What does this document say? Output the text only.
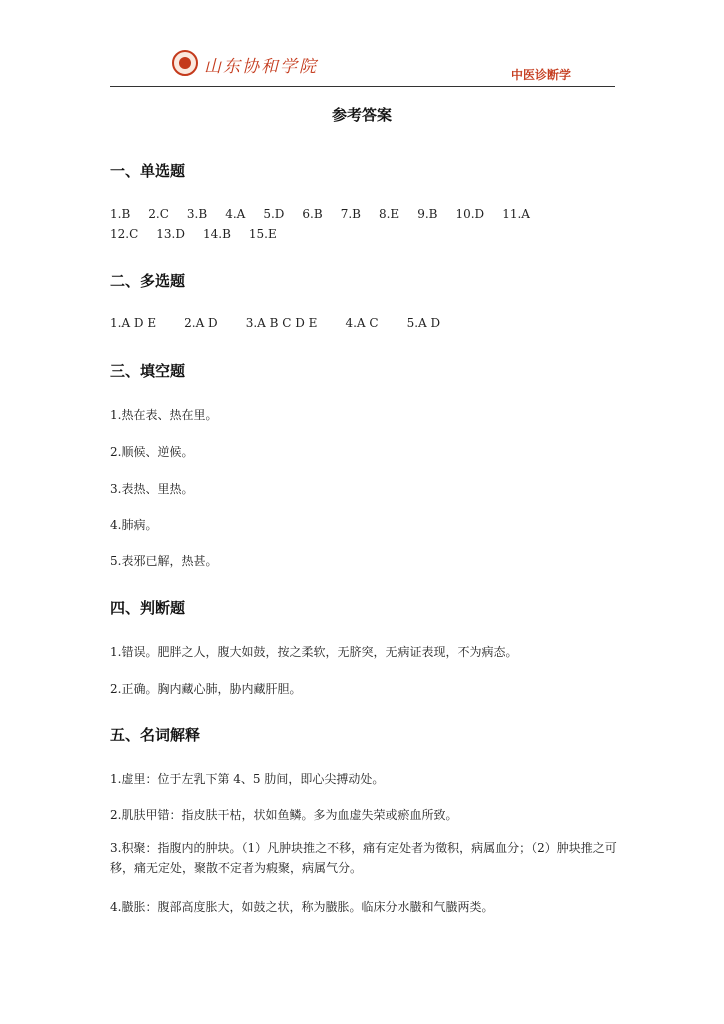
山东协和学院	中医诊断学
参考答案
一、单选题
1.B 2.C 3.B 4.A 5.D 6.B 7.B 8.E 9.B 10.D 11.A
12.C 13.D 14.B 15.E
二、多选题
1.A D E 2.A D 3.A B C D E 4.A C 5.A D
三、填空题
1.热在表、热在里。
2.顺候、逆候。
3.表热、里热。
4.肺病。
5.表邪已解，热甚。
四、判断题
1.错误。肥胖之人，腹大如鼓，按之柔软，无脐突，无病证表现，不为病态。
2.正确。胸内藏心肺，胁内藏肝胆。
五、名词解释
1.虚里：位于左乳下第 4、5 肋间，即心尖搏动处。
2.肌肤甲错：指皮肤干枯，状如鱼鳞。多为血虚失荣或瘀血所致。
3.积聚：指腹内的肿块。（1）凡肿块推之不移，痛有定处者为徵积，病属血分；（2）肿块推之可移，痛无定处，聚散不定者为瘕聚，病属气分。
4.臌胀：腹部高度胀大，如鼓之状，称为臌胀。临床分水臌和气臌两类。
